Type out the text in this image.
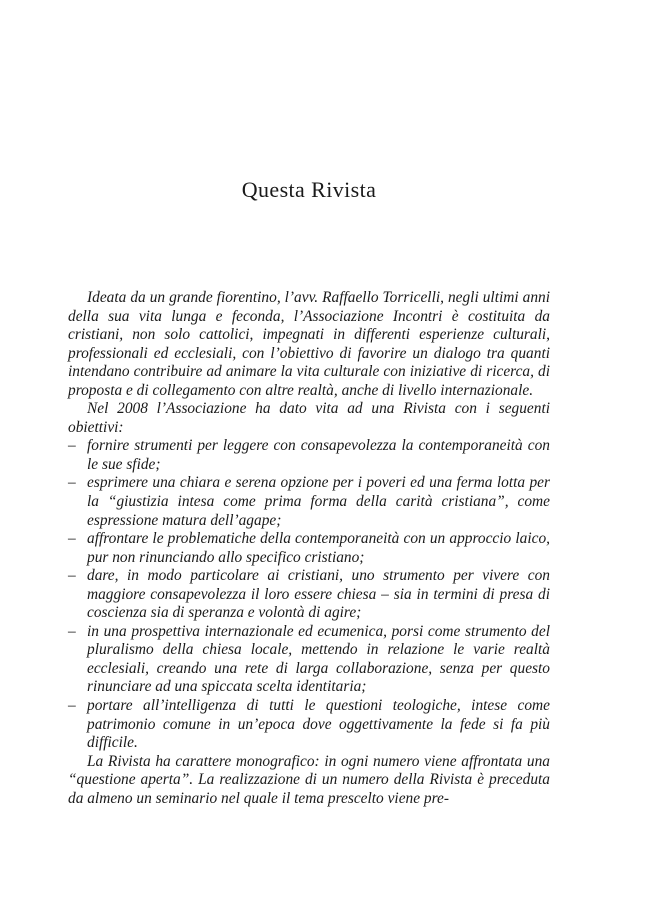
Questa Rivista

Ideata da un grande fiorentino, l’avv. Raffaello Torricelli, negli ultimi anni della sua vita lunga e feconda, l’Associazione Incontri è costituita da cristiani, non solo cattolici, impegnati in differenti esperienze culturali, professionali ed ecclesiali, con l’obiettivo di favorire un dialogo tra quanti intendano contribuire ad animare la vita culturale con iniziative di ricerca, di proposta e di collegamento con altre realtà, anche di livello internazionale.

Nel 2008 l’Associazione ha dato vita ad una Rivista con i seguenti obiettivi:

– fornire strumenti per leggere con consapevolezza la contemporaneità con le sue sfide;
– esprimere una chiara e serena opzione per i poveri ed una ferma lotta per la “giustizia intesa come prima forma della carità cristiana”, come espressione matura dell’agape;
– affrontare le problematiche della contemporaneità con un approccio laico, pur non rinunciando allo specifico cristiano;
– dare, in modo particolare ai cristiani, uno strumento per vivere con maggiore consapevolezza il loro essere chiesa – sia in termini di presa di coscienza sia di speranza e volontà di agire;
– in una prospettiva internazionale ed ecumenica, porsi come strumento del pluralismo della chiesa locale, mettendo in relazione le varie realtà ecclesiali, creando una rete di larga collaborazione, senza per questo rinunciare ad una spiccata scelta identitaria;
– portare all’intelligenza di tutti le questioni teologiche, intese come patrimonio comune in un’epoca dove oggettivamente la fede si fa più difficile.

La Rivista ha carattere monografico: in ogni numero viene affrontata una “questione aperta”. La realizzazione di un numero della Rivista è preceduta da almeno un seminario nel quale il tema prescelto viene pre-
